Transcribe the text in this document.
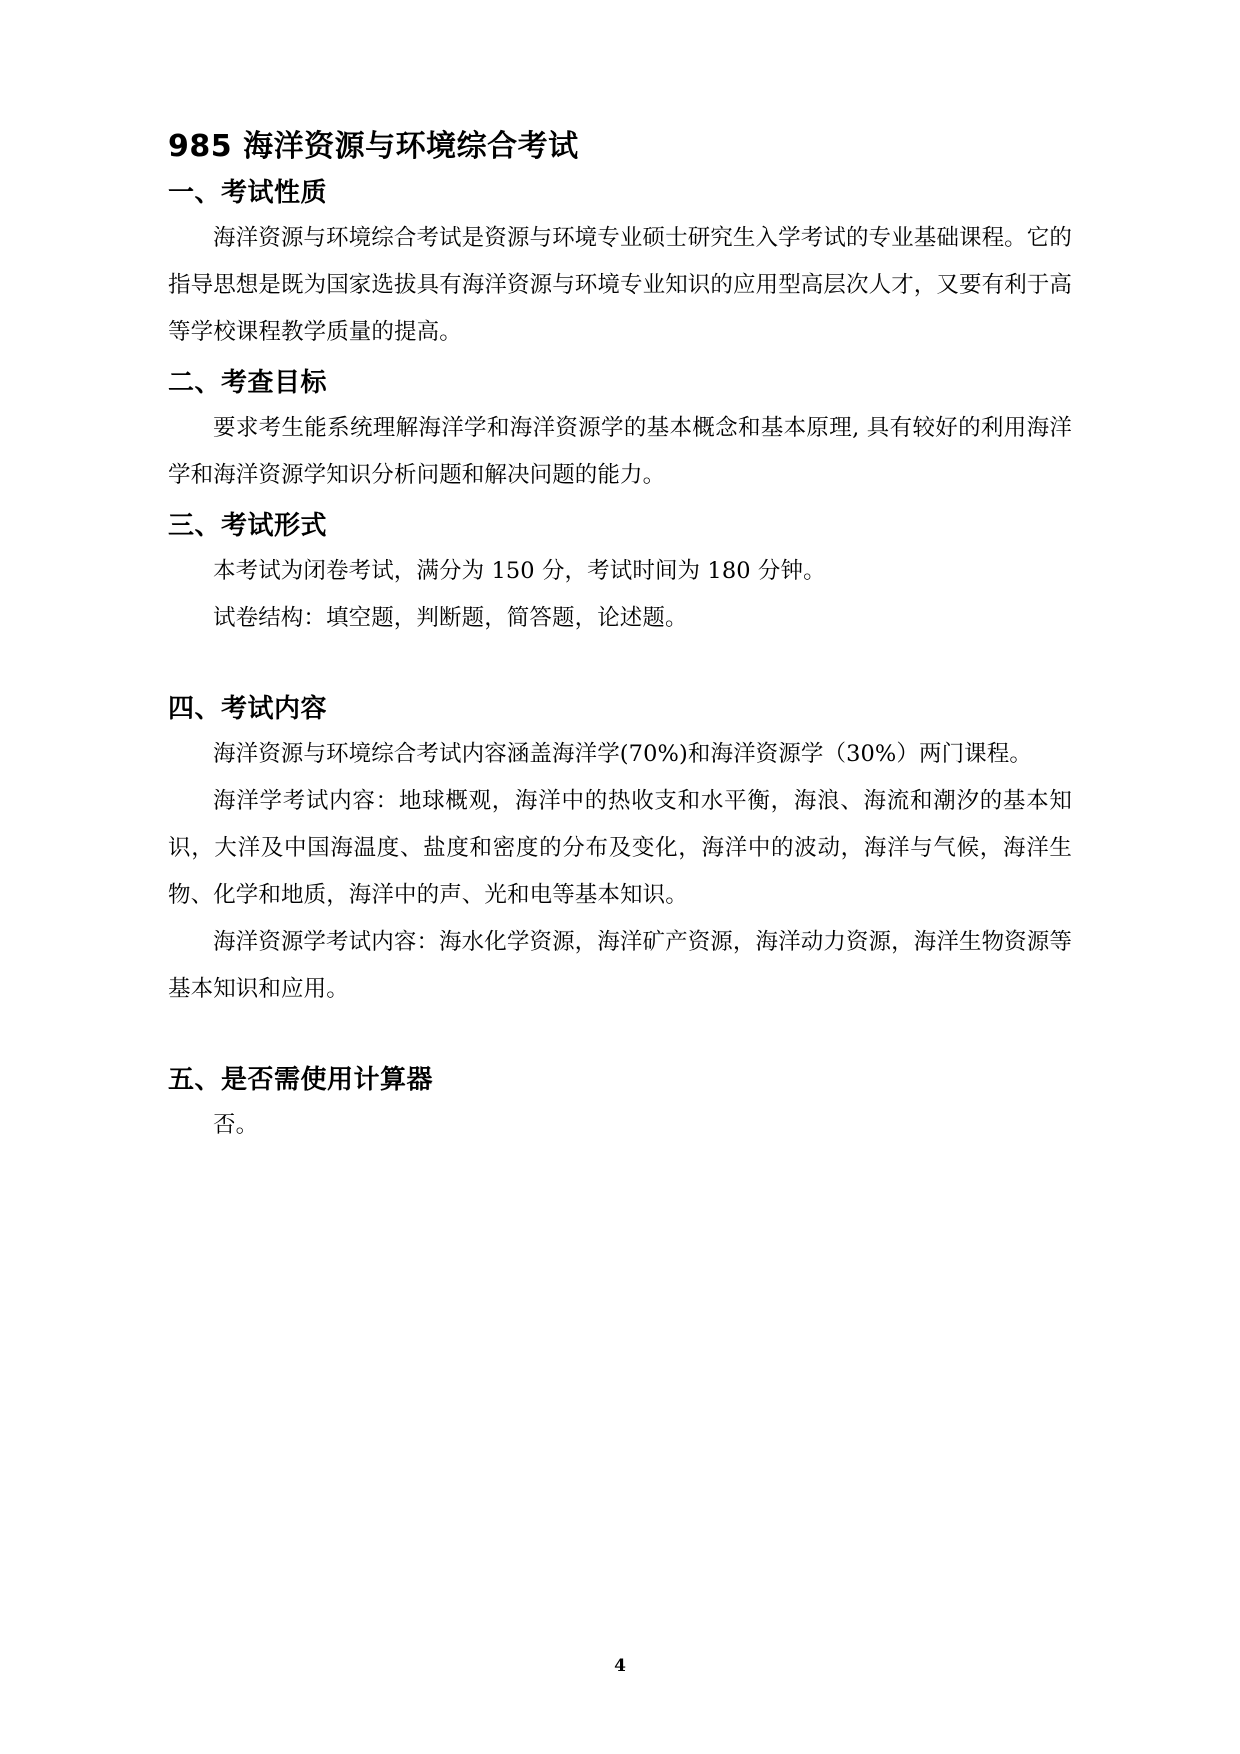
985 海洋资源与环境综合考试
一、考试性质

海洋资源与环境综合考试是资源与环境专业硕士研究生入学考试的专业基础课程。它的指导思想是既为国家选拔具有海洋资源与环境专业知识的应用型高层次人才，又要有利于高等学校课程教学质量的提高。

二、考查目标

要求考生能系统理解海洋学和海洋资源学的基本概念和基本原理, 具有较好的利用海洋学和海洋资源学知识分析问题和解决问题的能力。

三、考试形式

本考试为闭卷考试，满分为 150 分，考试时间为 180 分钟。

试卷结构：填空题，判断题，简答题，论述题。

四、考试内容

海洋资源与环境综合考试内容涵盖海洋学(70%)和海洋资源学（30%）两门课程。

海洋学考试内容：地球概观，海洋中的热收支和水平衡，海浪、海流和潮汐的基本知识，大洋及中国海温度、盐度和密度的分布及变化，海洋中的波动，海洋与气候，海洋生物、化学和地质，海洋中的声、光和电等基本知识。

海洋资源学考试内容：海水化学资源，海洋矿产资源，海洋动力资源，海洋生物资源等基本知识和应用。

五、是否需使用计算器

否。

4
